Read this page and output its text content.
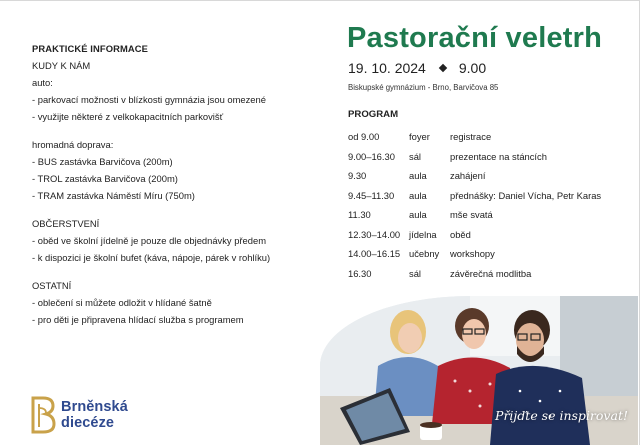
PRAKTICKÉ INFORMACE
KUDY K NÁM
auto:
- parkovací možnosti v blízkosti gymnázia jsou omezené
- využijte některé z velkokapacitních parkovišť
hromadná doprava:
- BUS zastávka Barvičova (200m)
- TROL zastávka Barvičova (200m)
- TRAM zastávka Náměstí Míru (750m)
OBČERSTVENÍ
- oběd ve školní jídelně je pouze dle objednávky předem
- k dispozici je školní bufet (káva, nápoje, párek v rohlíku)
OSTATNÍ
- oblečení si můžete odložit v hlídané šatně
- pro děti je připravena hlídací služba s programem
Brněnská
diecéze
Pastorační veletrh
19. 10. 2024 9.00
Biskupské gymnázium - Brno, Barvičova 85
PROGRAM
od 9.00	foyer registrace
9.00–16.30 sál	prezentace na stáncích
9.30	aula zahájení
9.45–11.30 aula přednášky: Daniel Vícha, Petr Karas
11.30	aula mše svatá
12.30–14.00 jídelna oběd
14.00–16.15 učebny workshopy
16.30	sál	závěrečná modlitba
Přijďte se inspirovat!
